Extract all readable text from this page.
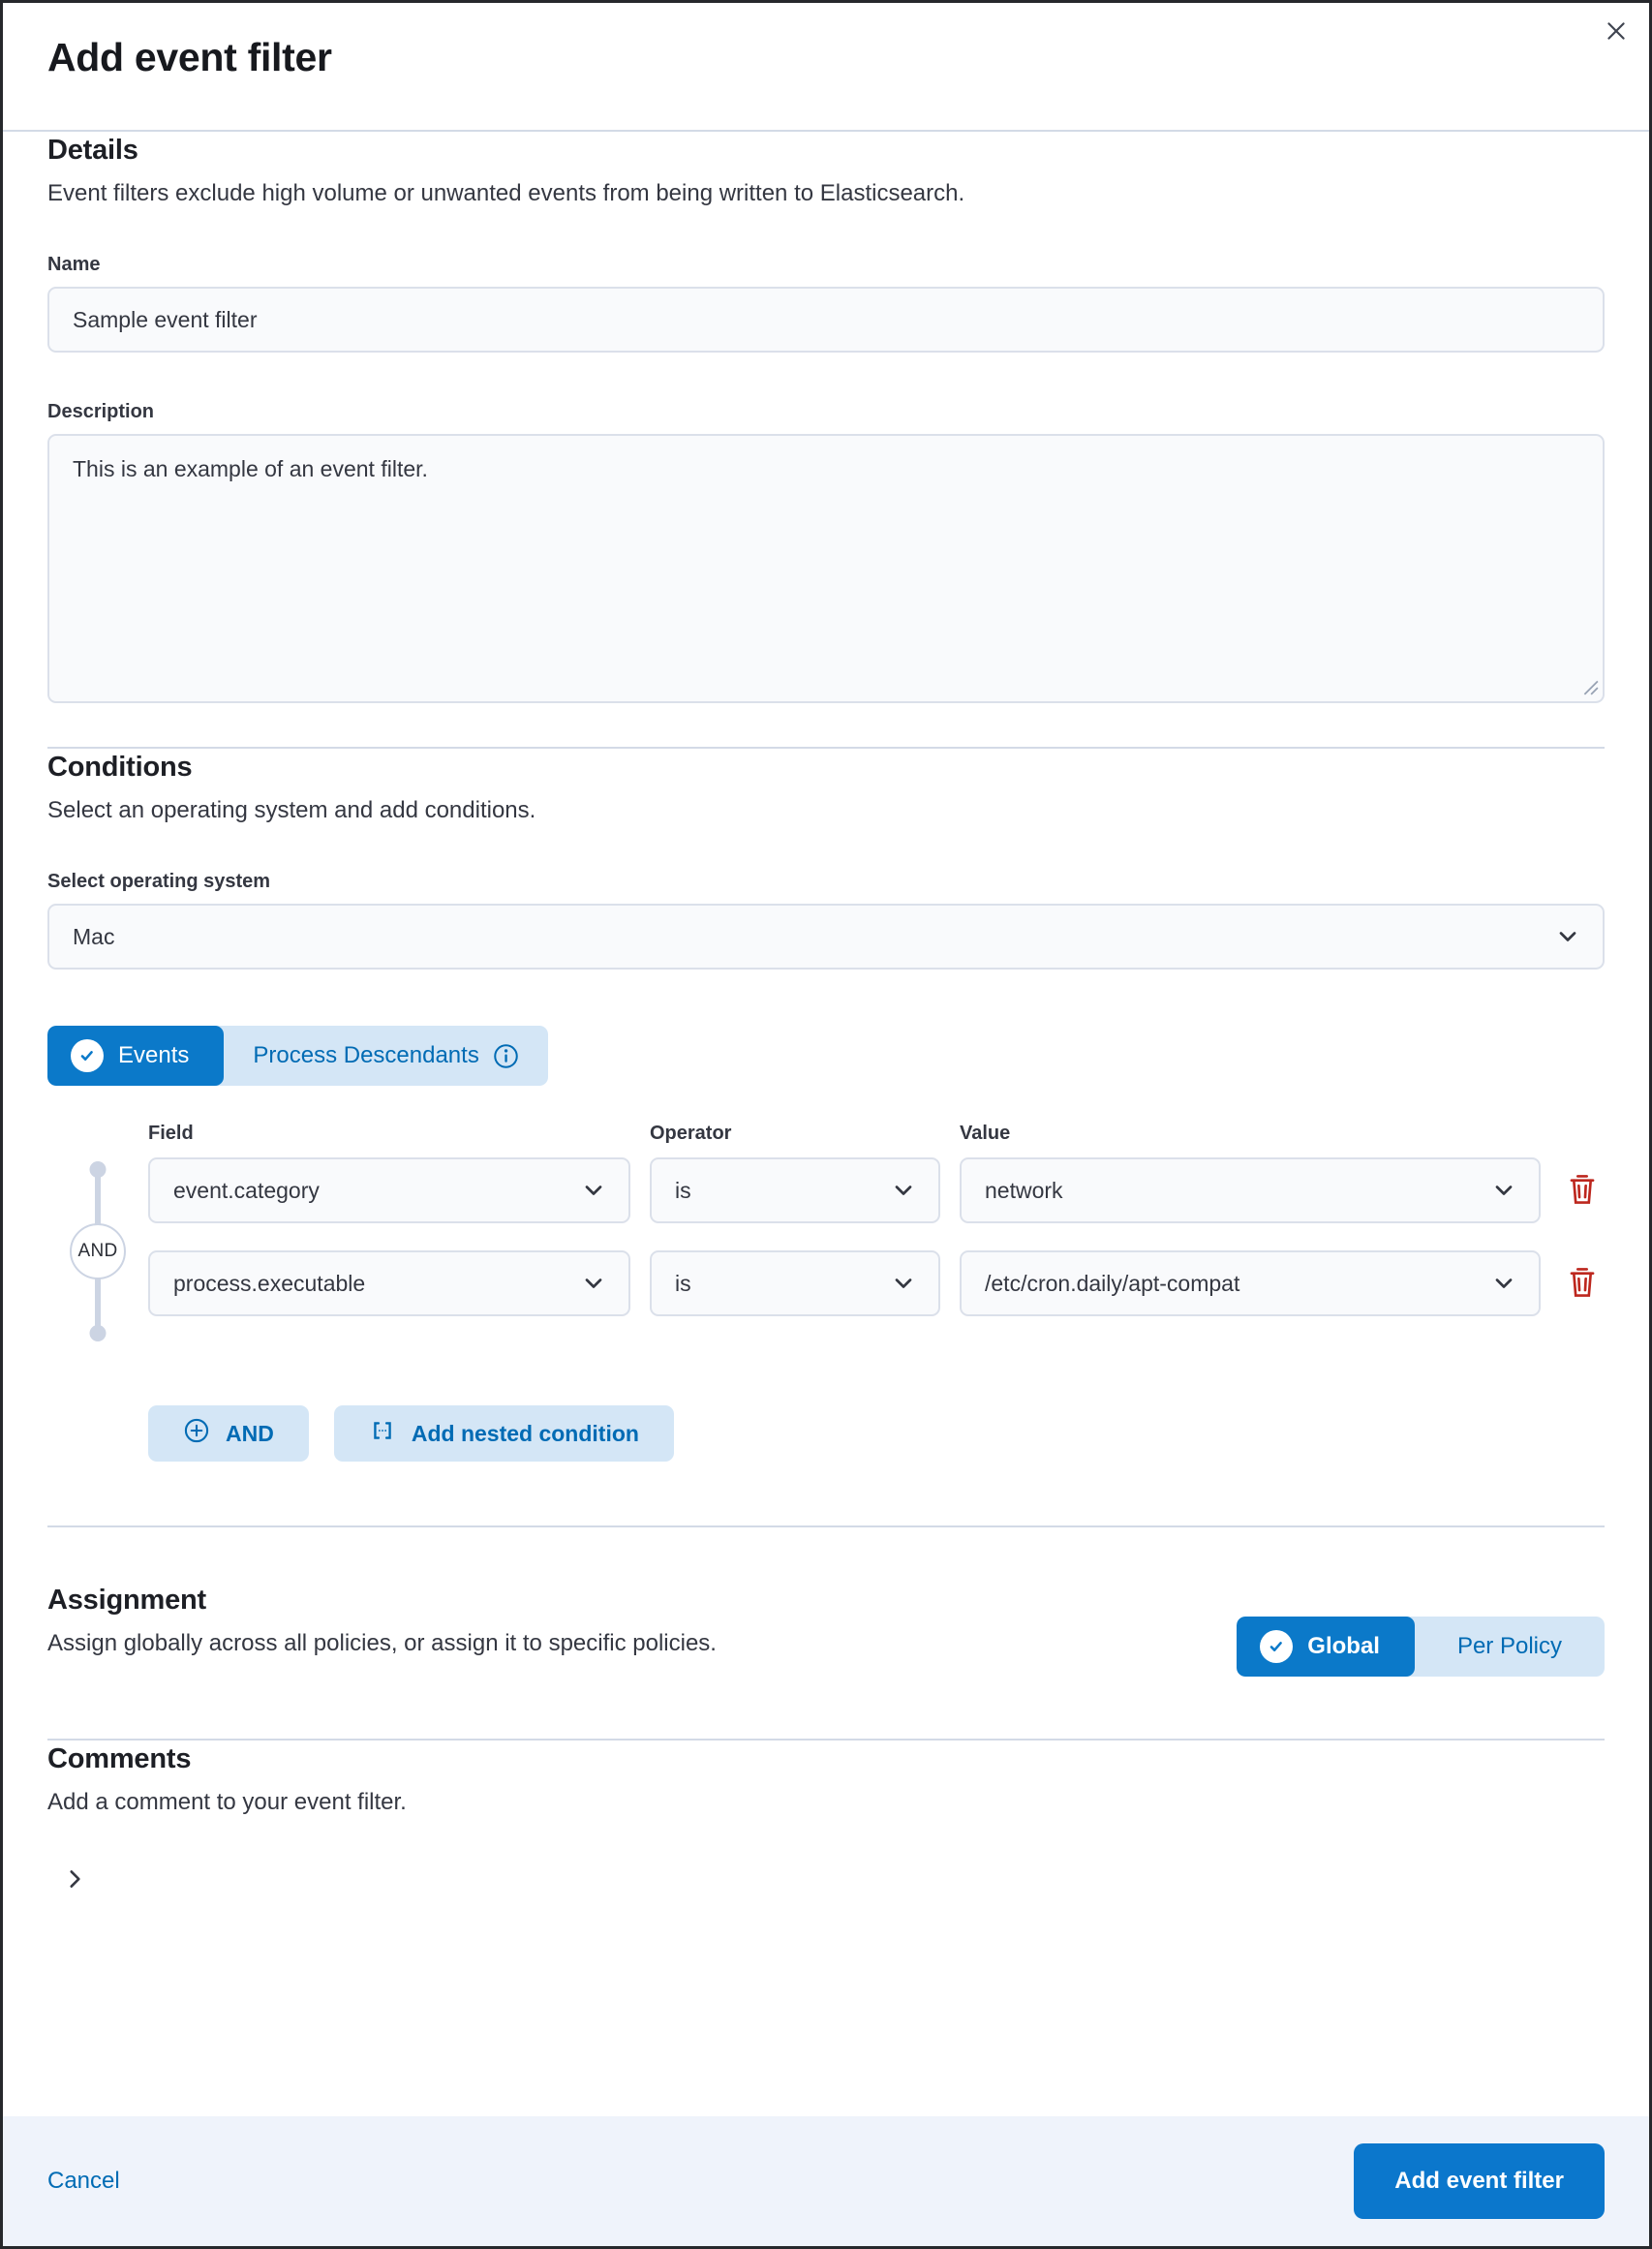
Add event filter
Details

Event filters exclude high volume or unwanted events from being written to Elasticsearch.

Name
Sample event filter
Description
This is an example of an event filter.
Conditions

Select an operating system and add conditions.

Select operating system
Mac
Events	Process Descendants
AND
Field	Operator	Value
event.category	is	network
process.executable	is	/etc/cron.daily/apt-compat
AND	Add nested condition
Assignment

Assign globally across all policies, or assign it to specific policies.	Global	Per Policy
Comments

Add a comment to your event filter.

Cancel	Add event filter
